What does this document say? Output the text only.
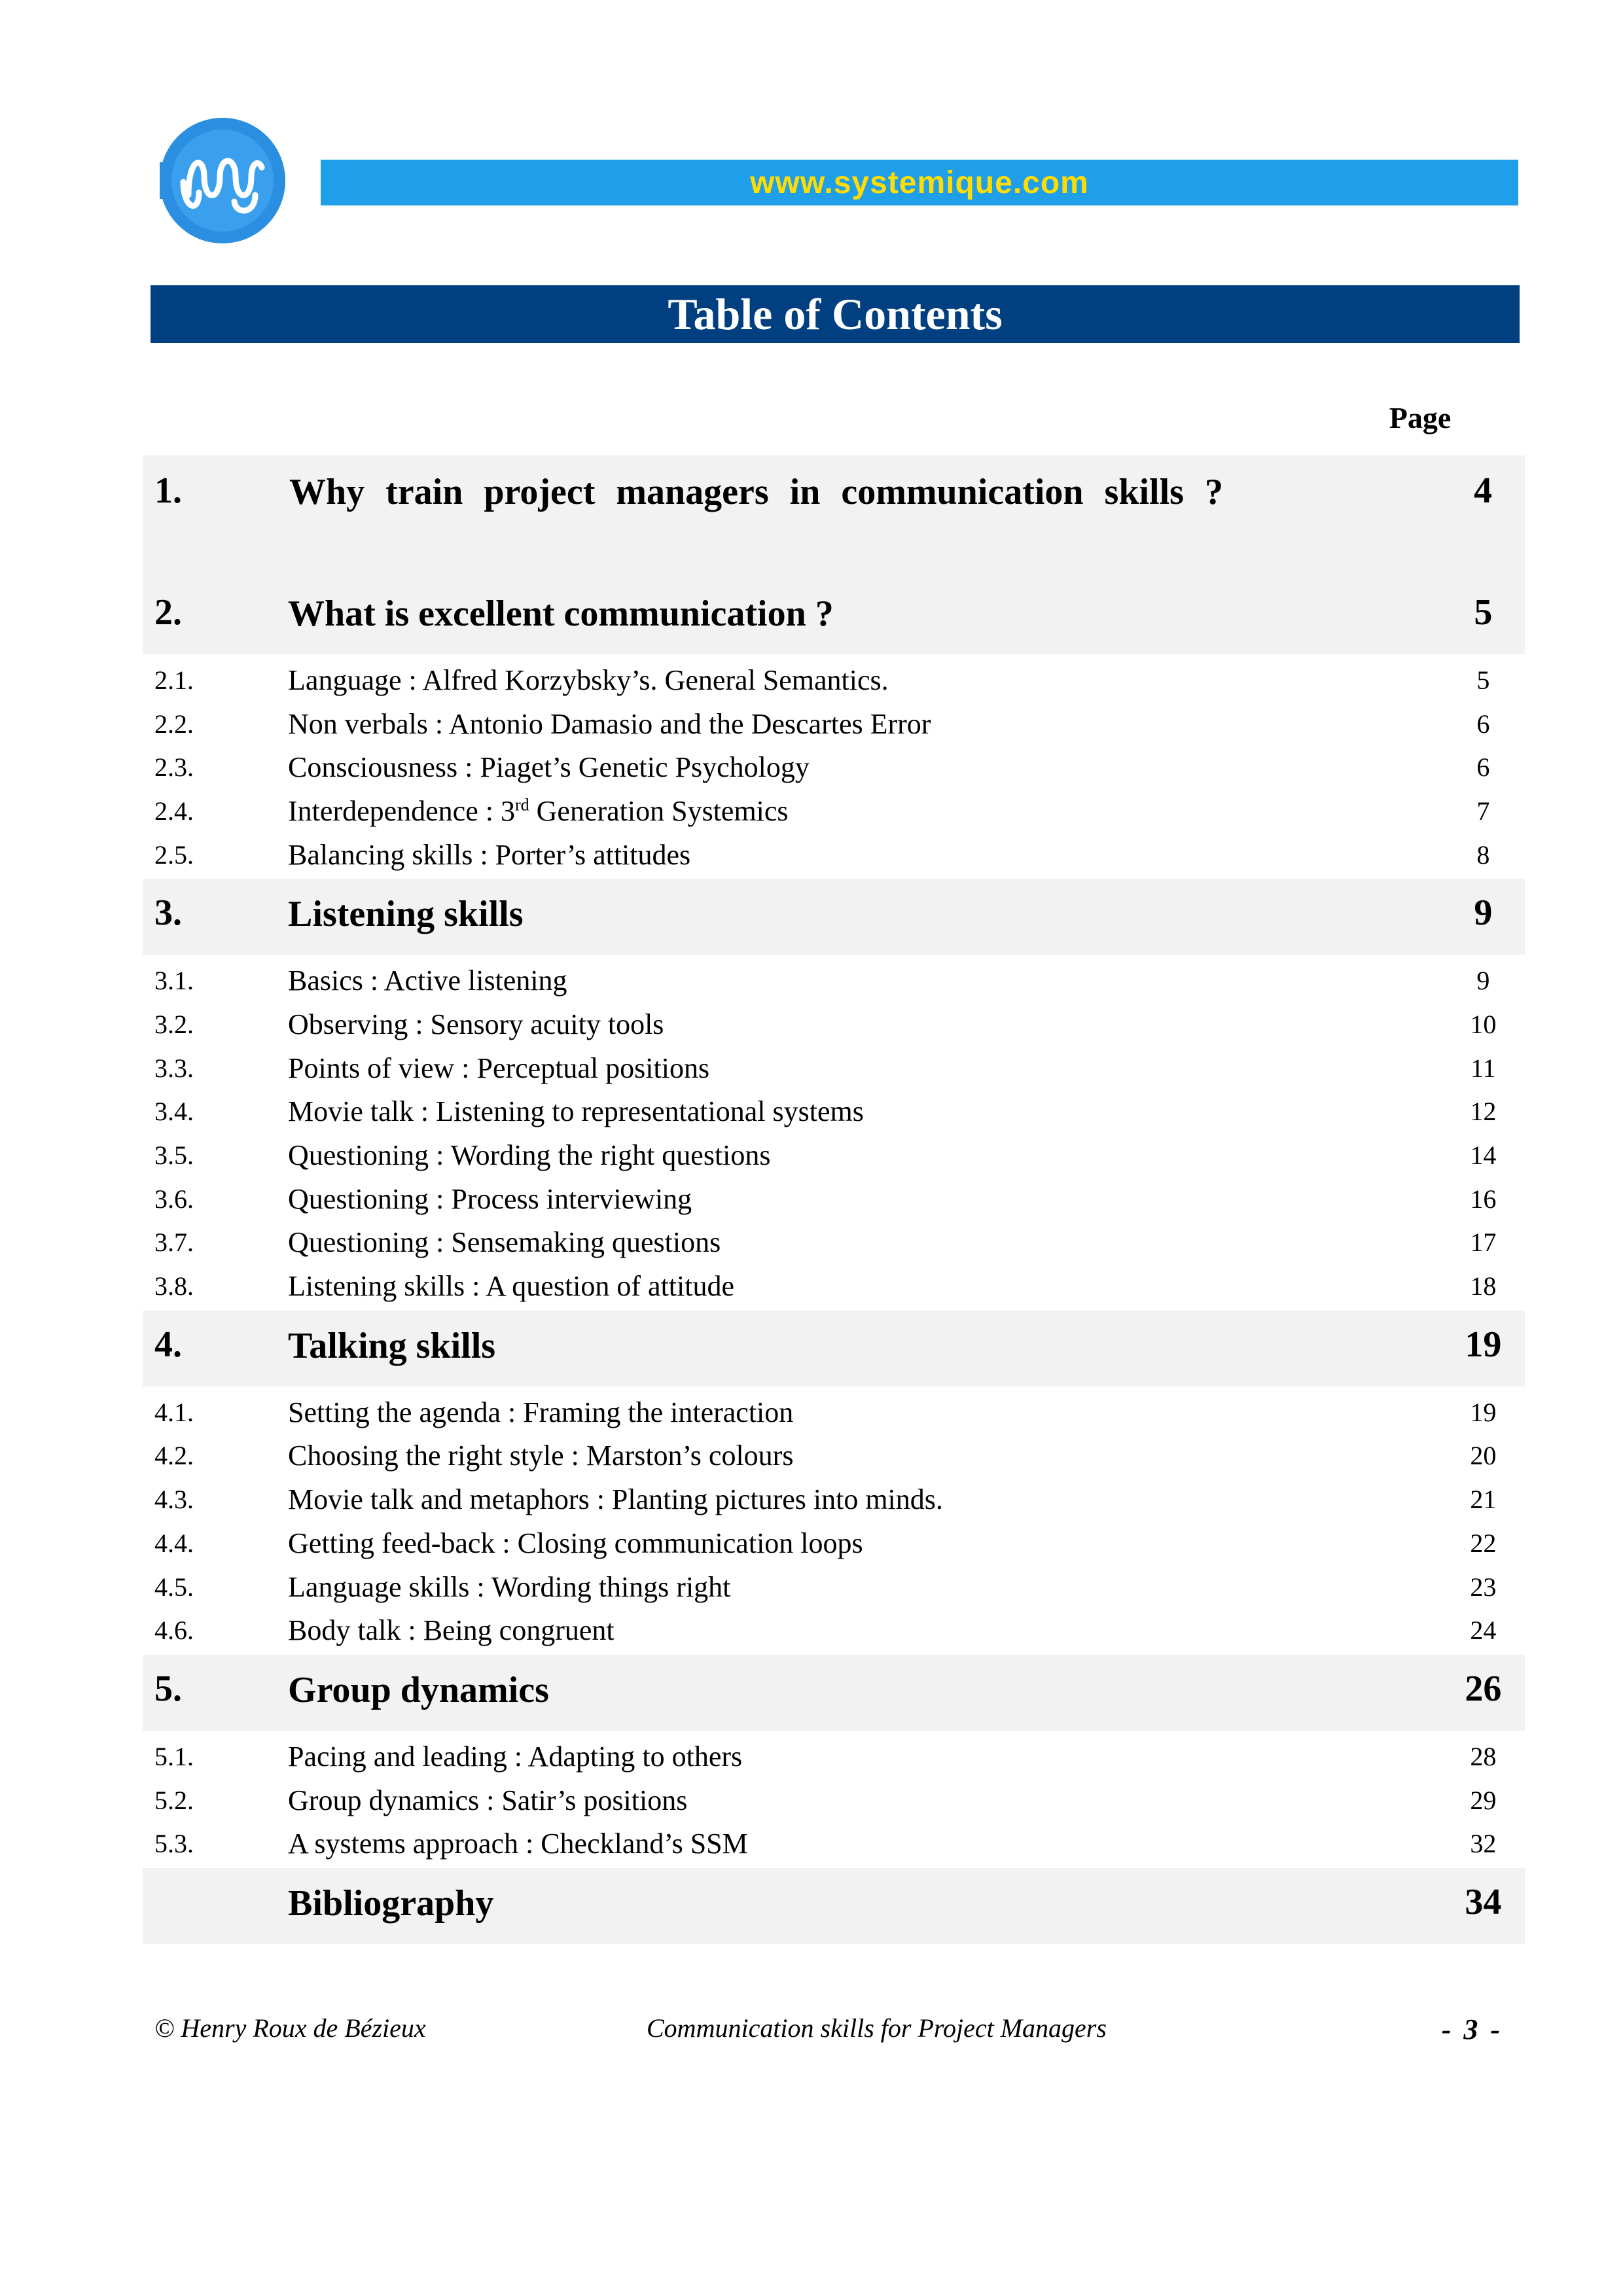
www.systemique.com
Table of Contents
Page
1.	Why train project managers in communication skills ?	4
2.	What is excellent communication ?	5
2.1.	Language : Alfred Korzybsky’s. General Semantics.	5
2.2.	Non verbals : Antonio Damasio and the Descartes Error	6
2.3.	Consciousness : Piaget’s Genetic Psychology	6
2.4.	Interdependence : 3rd Generation Systemics	7
2.5.	Balancing skills : Porter’s attitudes	8
3.	Listening skills	9
3.1.	Basics : Active listening	9
3.2.	Observing : Sensory acuity tools	10
3.3.	Points of view : Perceptual positions	11
3.4.	Movie talk : Listening to representational systems	12
3.5.	Questioning : Wording the right questions	14
3.6.	Questioning : Process interviewing	16
3.7.	Questioning : Sensemaking questions	17
3.8.	Listening skills : A question of attitude	18
4.	Talking skills	19
4.1.	Setting the agenda : Framing the interaction	19
4.2.	Choosing the right style : Marston’s colours	20
4.3.	Movie talk and metaphors : Planting pictures into minds.	21
4.4.	Getting feed-back : Closing communication loops	22
4.5.	Language skills : Wording things right	23
4.6.	Body talk : Being congruent	24
5.	Group dynamics	26
5.1.	Pacing and leading : Adapting to others	28
5.2.	Group dynamics : Satir’s positions	29
5.3.	A systems approach : Checkland’s SSM	32
Bibliography	34
© Henry Roux de Bézieux	Communication skills for Project Managers	- 3 -
